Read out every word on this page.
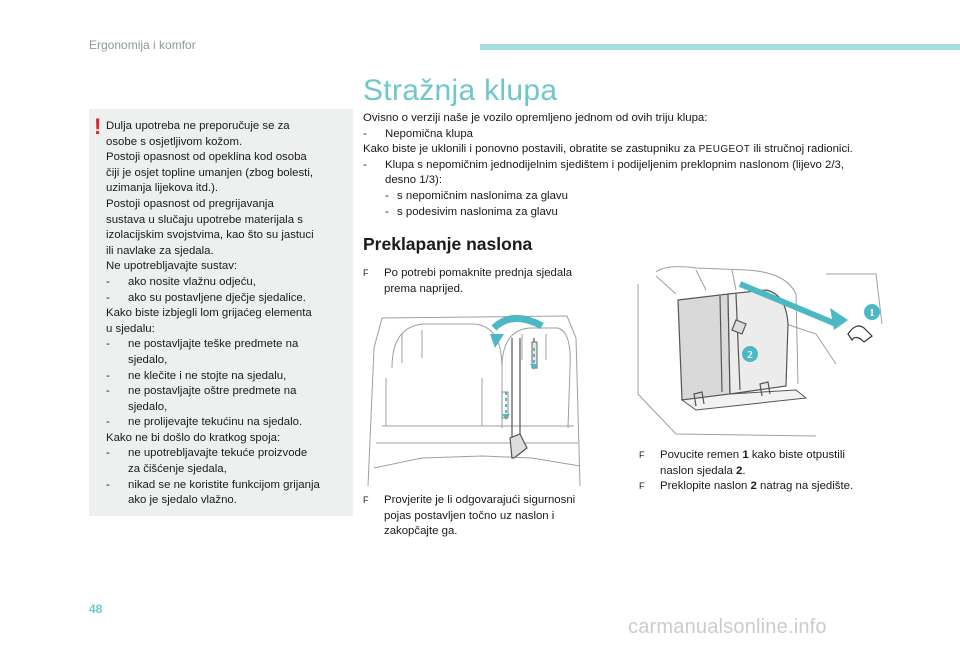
Ergonomija i komfor
! Dulja upotreba ne preporučuje se za
osobe s osjetljivom kožom.
Postoji opasnost od opeklina kod osoba
čiji je osjet topline umanjen (zbog bolesti,
uzimanja lijekova itd.).
Postoji opasnost od pregrijavanja
sustava u slučaju upotrebe materijala s
izolacijskim svojstvima, kao što su jastuci
ili navlake za sjedala.
Ne upotrebljavajte sustav:
- ako nosite vlažnu odjeću,
- ako su postavljene dječje sjedalice.
Kako biste izbjegli lom grijaćeg elementa
u sjedalu:
- ne postavljajte teške predmete na
sjedalo,
- ne klečite i ne stojte na sjedalu,
- ne postavljajte oštre predmete na
sjedalo,
- ne prolijevajte tekućinu na sjedalo.
Kako ne bi došlo do kratkog spoja:
- ne upotrebljavajte tekuće proizvode
za čišćenje sjedala,
- nikad se ne koristite funkcijom grijanja
ako je sjedalo vlažno.
Stražnja klupa
Ovisno o verziji naše je vozilo opremljeno jednom od ovih triju klupa:
- Nepomična klupa
Kako biste je uklonili i ponovno postavili, obratite se zastupniku za PEUGEOT ili stručnoj radionici.
- Klupa s nepomičnim jednodijelnim sjedištem i podijeljenim preklopnim naslonom (lijevo 2/3,
desno 1/3):
- s nepomičnim naslonima za glavu
- s podesivim naslonima za glavu
Preklapanje naslona
F Po potrebi pomaknite prednja sjedala
prema naprijed.
F Provjerite je li odgovarajući sigurnosni
pojas postavljen točno uz naslon i
zakopčajte ga.
1
2
F Povucite remen 1 kako biste otpustili
naslon sjedala 2.
F Preklopite naslon 2 natrag na sjedište.
48
carmanualsonline.info
